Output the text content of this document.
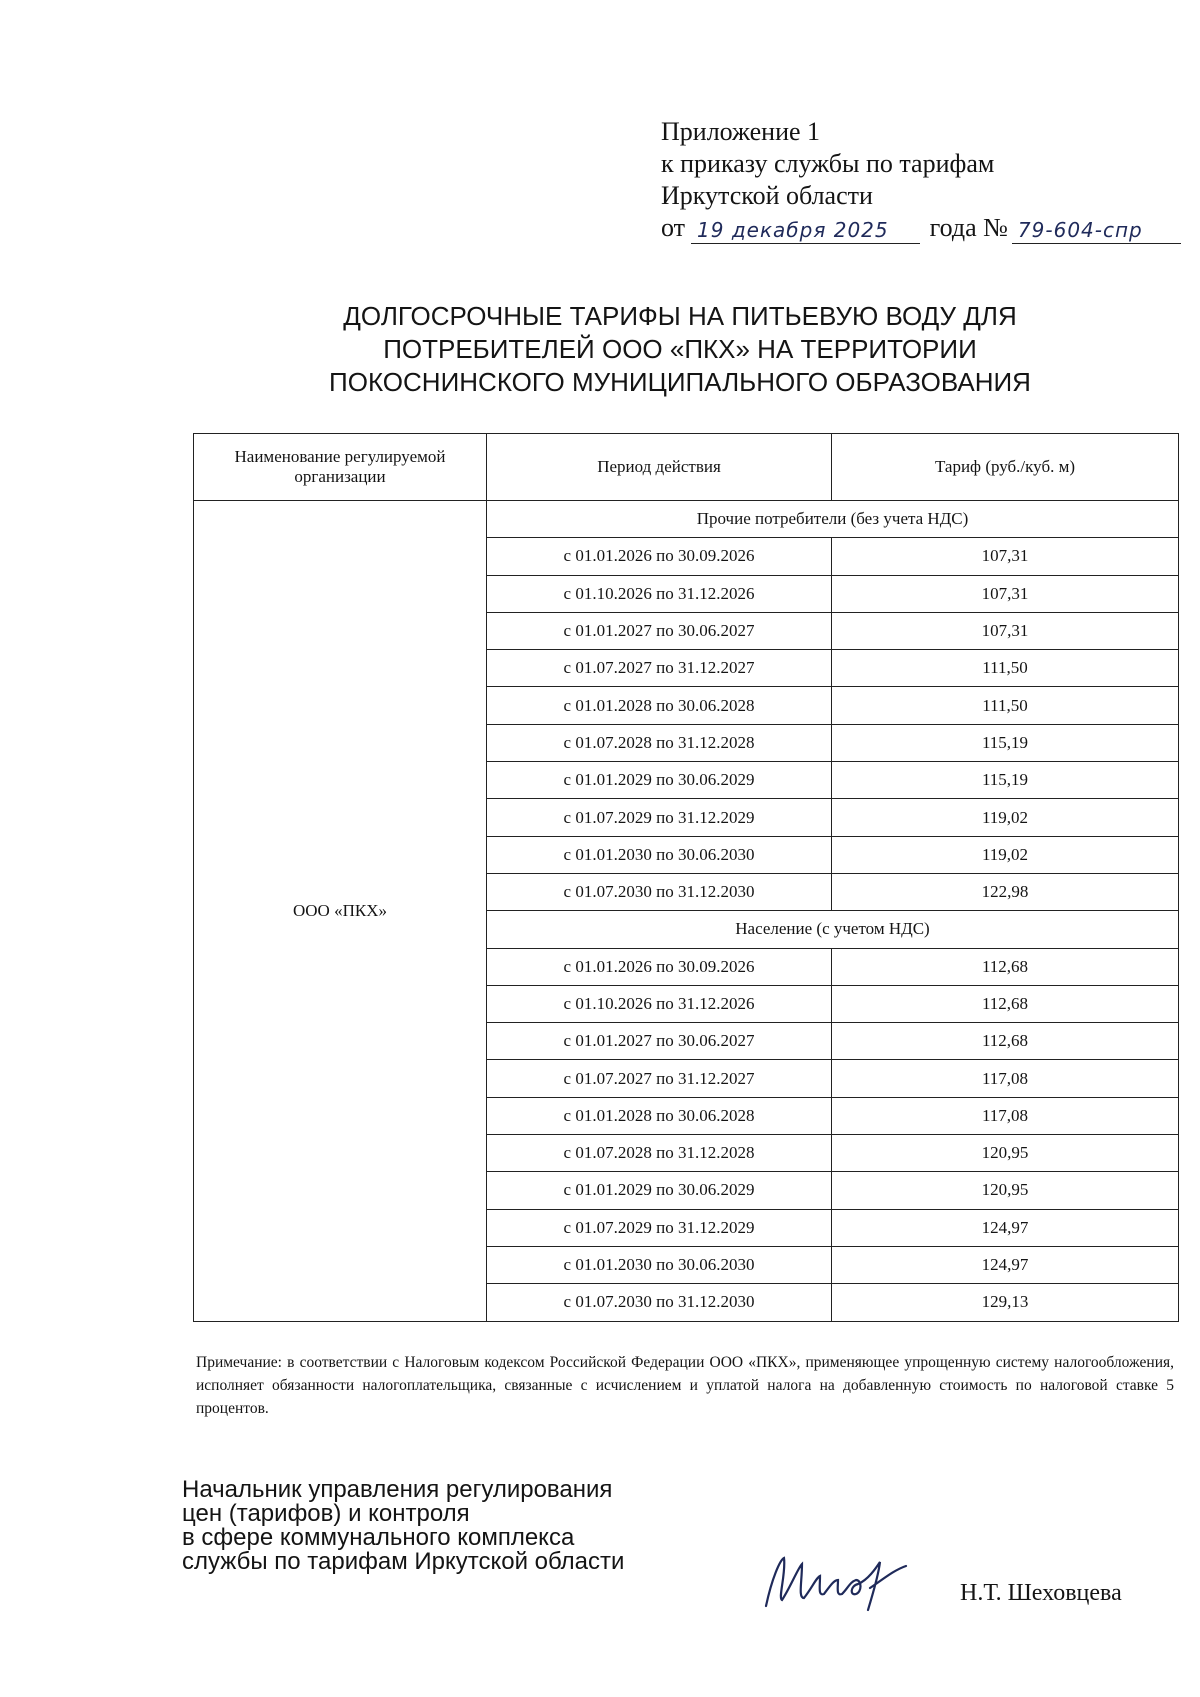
Приложение 1
к приказу службы по тарифам
Иркутской области
от 19 декабря 2025	года № 79-604-спр
ДОЛГОСРОЧНЫЕ ТАРИФЫ НА ПИТЬЕВУЮ ВОДУ ДЛЯ
ПОТРЕБИТЕЛЕЙ ООО «ПКХ» НА ТЕРРИТОРИИ
ПОКОСНИНСКОГО МУНИЦИПАЛЬНОГО ОБРАЗОВАНИЯ
Наименование регулируемой организации	Период действия	Тариф (руб./куб. м)
ООО «ПКХ»	Прочие потребители (без учета НДС)	
	с 01.01.2026 по 30.09.2026	107,31
	с 01.10.2026 по 31.12.2026	107,31
	с 01.01.2027 по 30.06.2027	107,31
	с 01.07.2027 по 31.12.2027	111,50
	с 01.01.2028 по 30.06.2028	111,50
	с 01.07.2028 по 31.12.2028	115,19
	с 01.01.2029 по 30.06.2029	115,19
	с 01.07.2029 по 31.12.2029	119,02
	с 01.01.2030 по 30.06.2030	119,02
	с 01.07.2030 по 31.12.2030	122,98
	Население (с учетом НДС)	
	с 01.01.2026 по 30.09.2026	112,68
	с 01.10.2026 по 31.12.2026	112,68
	с 01.01.2027 по 30.06.2027	112,68
	с 01.07.2027 по 31.12.2027	117,08
	с 01.01.2028 по 30.06.2028	117,08
	с 01.07.2028 по 31.12.2028	120,95
	с 01.01.2029 по 30.06.2029	120,95
	с 01.07.2029 по 31.12.2029	124,97
	с 01.01.2030 по 30.06.2030	124,97
	с 01.07.2030 по 31.12.2030	129,13
Примечание: в соответствии с Налоговым кодексом Российской Федерации ООО «ПКХ», применяющее упрощенную систему налогообложения, исполняет обязанности налогоплательщика, связанные с исчислением и уплатой налога на добавленную стоимость по налоговой ставке 5 процентов.
Начальник управления регулирования
цен (тарифов) и контроля
в сфере коммунального комплекса
службы по тарифам Иркутской области
Н.Т. Шеховцева
